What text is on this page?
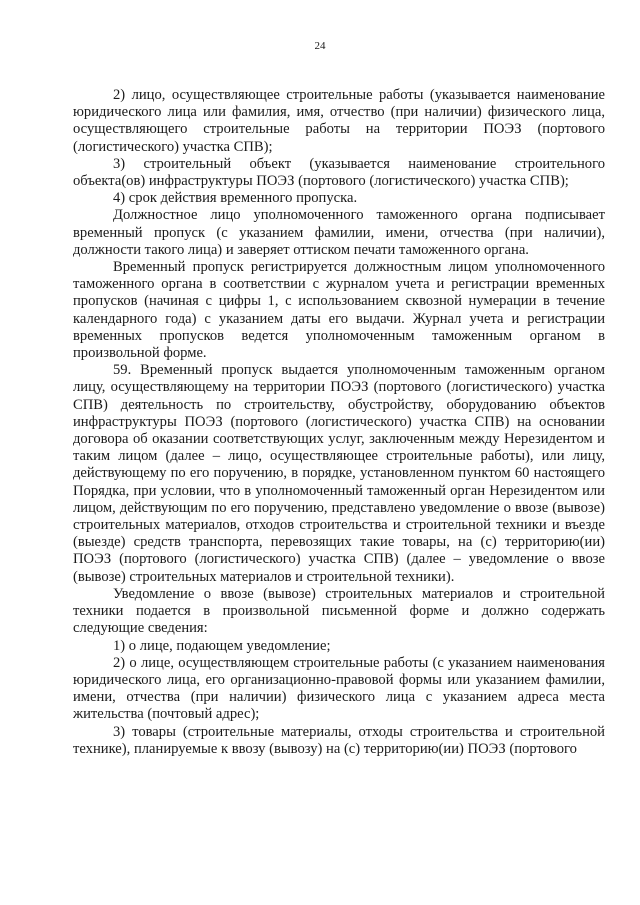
24

2) лицо, осуществляющее строительные работы (указывается наименование юридического лица или фамилия, имя, отчество (при наличии) физического лица, осуществляющего строительные работы на территории ПОЭЗ (портового (логистического) участка СПВ);

3) строительный объект (указывается наименование строительного объекта(ов) инфраструктуры ПОЭЗ (портового (логистического) участка СПВ);

4) срок действия временного пропуска.

Должностное лицо уполномоченного таможенного органа подписывает временный пропуск (с указанием фамилии, имени, отчества (при наличии), должности такого лица) и заверяет оттиском печати таможенного органа.

Временный пропуск регистрируется должностным лицом уполномоченного таможенного органа в соответствии с журналом учета и регистрации временных пропусков (начиная с цифры 1, с использованием сквозной нумерации в течение календарного года) с указанием даты его выдачи. Журнал учета и регистрации временных пропусков ведется уполномоченным таможенным органом в произвольной форме.

59. Временный пропуск выдается уполномоченным таможенным органом лицу, осуществляющему на территории ПОЭЗ (портового (логистического) участка СПВ) деятельность по строительству, обустройству, оборудованию объектов инфраструктуры ПОЭЗ (портового (логистического) участка СПВ) на основании договора об оказании соответствующих услуг, заключенным между Нерезидентом и таким лицом (далее – лицо, осуществляющее строительные работы), или лицу, действующему по его поручению, в порядке, установленном пунктом 60 настоящего Порядка, при условии, что в уполномоченный таможенный орган Нерезидентом или лицом, действующим по его поручению, представлено уведомление о ввозе (вывозе) строительных материалов, отходов строительства и строительной техники и въезде (выезде) средств транспорта, перевозящих такие товары, на (с) территорию(ии) ПОЭЗ (портового (логистического) участка СПВ) (далее – уведомление о ввозе (вывозе) строительных материалов и строительной техники).

Уведомление о ввозе (вывозе) строительных материалов и строительной техники подается в произвольной письменной форме и должно содержать следующие сведения:

1) о лице, подающем уведомление;

2) о лице, осуществляющем строительные работы (с указанием наименования юридического лица, его организационно-правовой формы или указанием фамилии, имени, отчества (при наличии) физического лица с указанием адреса места жительства (почтовый адрес);

3) товары (строительные материалы, отходы строительства и строительной технике), планируемые к ввозу (вывозу) на (с) территорию(ии) ПОЭЗ (портового
